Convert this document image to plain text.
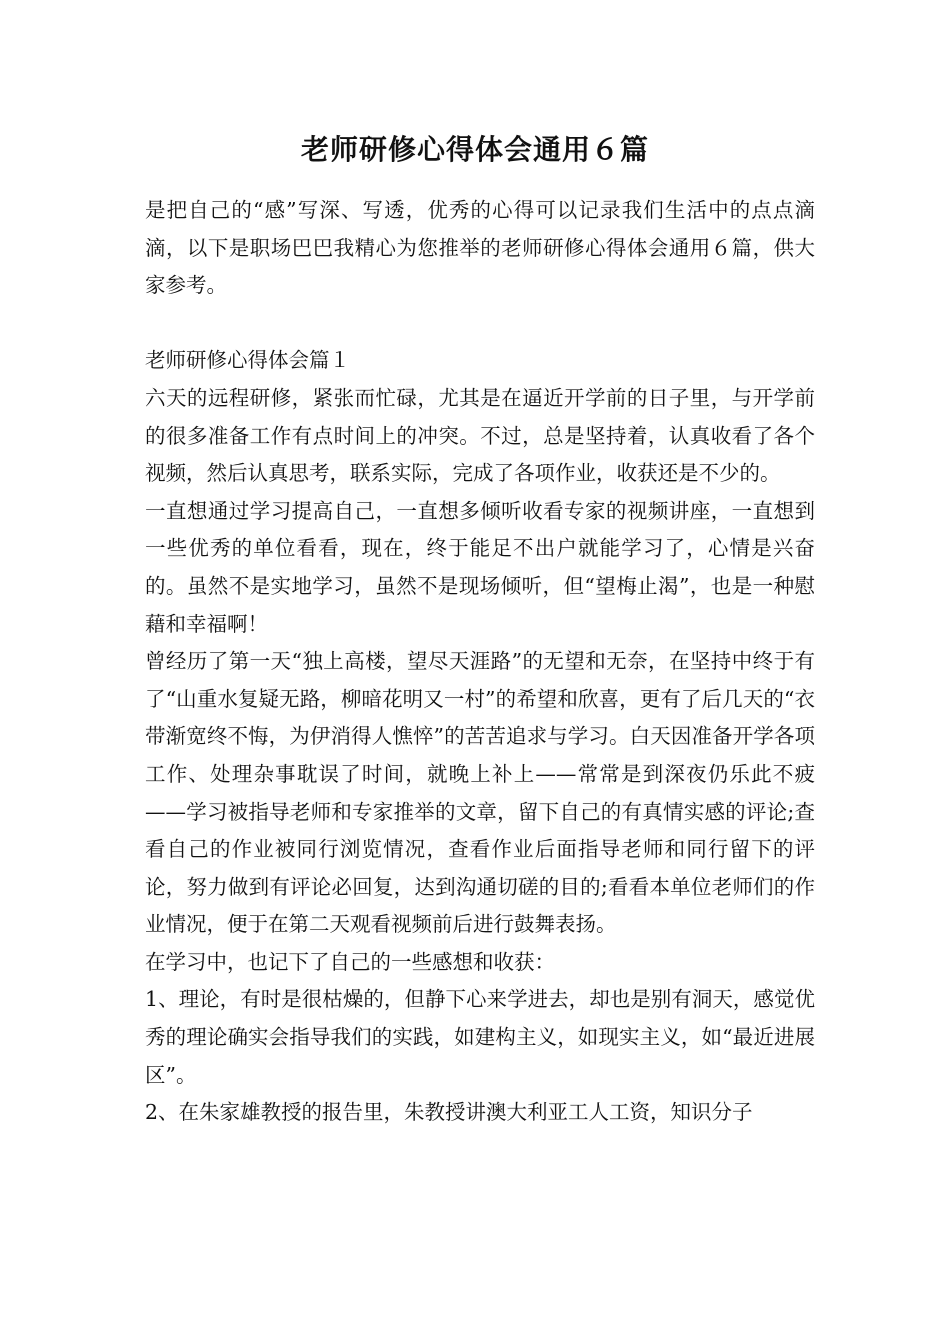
老师研修心得体会通用６篇

是把自己的“感”写深、写透，优秀的心得可以记录我们生活中的点点滴滴，以下是职场巴巴我精心为您推举的老师研修心得体会通用６篇，供大家参考。

老师研修心得体会篇１

六天的远程研修，紧张而忙碌，尤其是在逼近开学前的日子里，与开学前的很多准备工作有点时间上的冲突。不过，总是坚持着，认真收看了各个视频，然后认真思考，联系实际，完成了各项作业，收获还是不少的。

一直想通过学习提高自己，一直想多倾听收看专家的视频讲座，一直想到一些优秀的单位看看，现在，终于能足不出户就能学习了，心情是兴奋的。虽然不是实地学习，虽然不是现场倾听，但“望梅止渴”，也是一种慰藉和幸福啊！

曾经历了第一天“独上高楼，望尽天涯路”的无望和无奈，在坚持中终于有了“山重水复疑无路，柳暗花明又一村”的希望和欣喜，更有了后几天的“衣带渐宽终不悔，为伊消得人憔悴”的苦苦追求与学习。白天因准备开学各项工作、处理杂事耽误了时间，就晚上补上——常常是到深夜仍乐此不疲——学习被指导老师和专家推举的文章，留下自己的有真情实感的评论;查看自己的作业被同行浏览情况，查看作业后面指导老师和同行留下的评论，努力做到有评论必回复，达到沟通切磋的目的;看看本单位老师们的作业情况，便于在第二天观看视频前后进行鼓舞表扬。

在学习中，也记下了自己的一些感想和收获：

1、理论，有时是很枯燥的，但静下心来学进去，却也是别有洞天，感觉优秀的理论确实会指导我们的实践，如建构主义，如现实主义，如“最近进展区”。

2、在朱家雄教授的报告里，朱教授讲澳大利亚工人工资，知识分子
